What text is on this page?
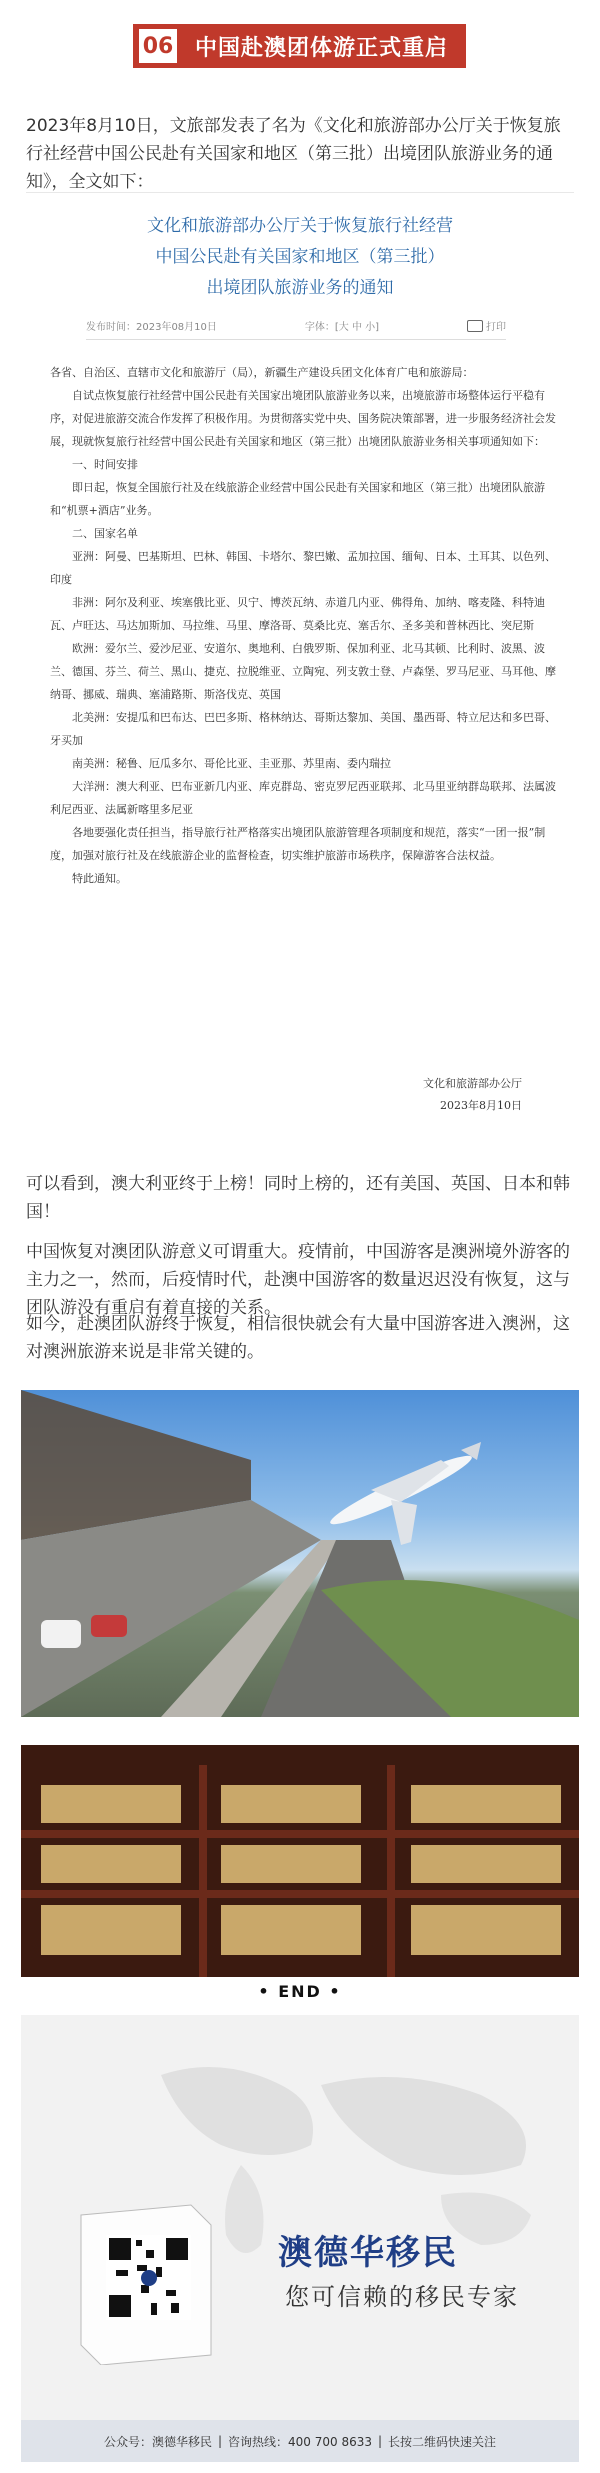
06 中国赴澳团体游正式重启
2023年8月10日，文旅部发表了名为《文化和旅游部办公厅关于恢复旅行社经营中国公民赴有关国家和地区（第三批）出境团队旅游业务的通知》，全文如下：
文化和旅游部办公厅关于恢复旅行社经营
中国公民赴有关国家和地区（第三批）
出境团队旅游业务的通知
发布时间：2023年08月10日	字体：[大 中 小]	打印
各省、自治区、直辖市文化和旅游厅（局），新疆生产建设兵团文化体育广电和旅游局：
自试点恢复旅行社经营中国公民赴有关国家出境团队旅游业务以来，出境旅游市场整体运行平稳有序，对促进旅游交流合作发挥了积极作用。为贯彻落实党中央、国务院决策部署，进一步服务经济社会发展，现就恢复旅行社经营中国公民赴有关国家和地区（第三批）出境团队旅游业务相关事项通知如下：
一、时间安排
即日起，恢复全国旅行社及在线旅游企业经营中国公民赴有关国家和地区（第三批）出境团队旅游和“机票+酒店”业务。
二、国家名单
亚洲：阿曼、巴基斯坦、巴林、韩国、卡塔尔、黎巴嫩、孟加拉国、缅甸、日本、土耳其、以色列、印度
非洲：阿尔及利亚、埃塞俄比亚、贝宁、博茨瓦纳、赤道几内亚、佛得角、加纳、喀麦隆、科特迪瓦、卢旺达、马达加斯加、马拉维、马里、摩洛哥、莫桑比克、塞舌尔、圣多美和普林西比、突尼斯
欧洲：爱尔兰、爱沙尼亚、安道尔、奥地利、白俄罗斯、保加利亚、北马其顿、比利时、波黑、波兰、德国、芬兰、荷兰、黑山、捷克、拉脱维亚、立陶宛、列支敦士登、卢森堡、罗马尼亚、马耳他、摩纳哥、挪威、瑞典、塞浦路斯、斯洛伐克、英国
北美洲：安提瓜和巴布达、巴巴多斯、格林纳达、哥斯达黎加、美国、墨西哥、特立尼达和多巴哥、牙买加
南美洲：秘鲁、厄瓜多尔、哥伦比亚、圭亚那、苏里南、委内瑞拉
大洋洲：澳大利亚、巴布亚新几内亚、库克群岛、密克罗尼西亚联邦、北马里亚纳群岛联邦、法属波利尼西亚、法属新喀里多尼亚
各地要强化责任担当，指导旅行社严格落实出境团队旅游管理各项制度和规范，落实“一团一报”制度，加强对旅行社及在线旅游企业的监督检查，切实维护旅游市场秩序，保障游客合法权益。
特此通知。
文化和旅游部办公厅
2023年8月10日
可以看到，澳大利亚终于上榜！同时上榜的，还有美国、英国、日本和韩国！
中国恢复对澳团队游意义可谓重大。疫情前，中国游客是澳洲境外游客的主力之一，然而，后疫情时代，赴澳中国游客的数量迟迟没有恢复，这与团队游没有重启有着直接的关系。
如今，赴澳团队游终于恢复，相信很快就会有大量中国游客进入澳洲，这对澳洲旅游来说是非常关键的。
• END •
澳德华移民
您可信赖的移民专家
公众号：澳德华移民 | 咨询热线：400 700 8633 | 长按二维码快速关注
